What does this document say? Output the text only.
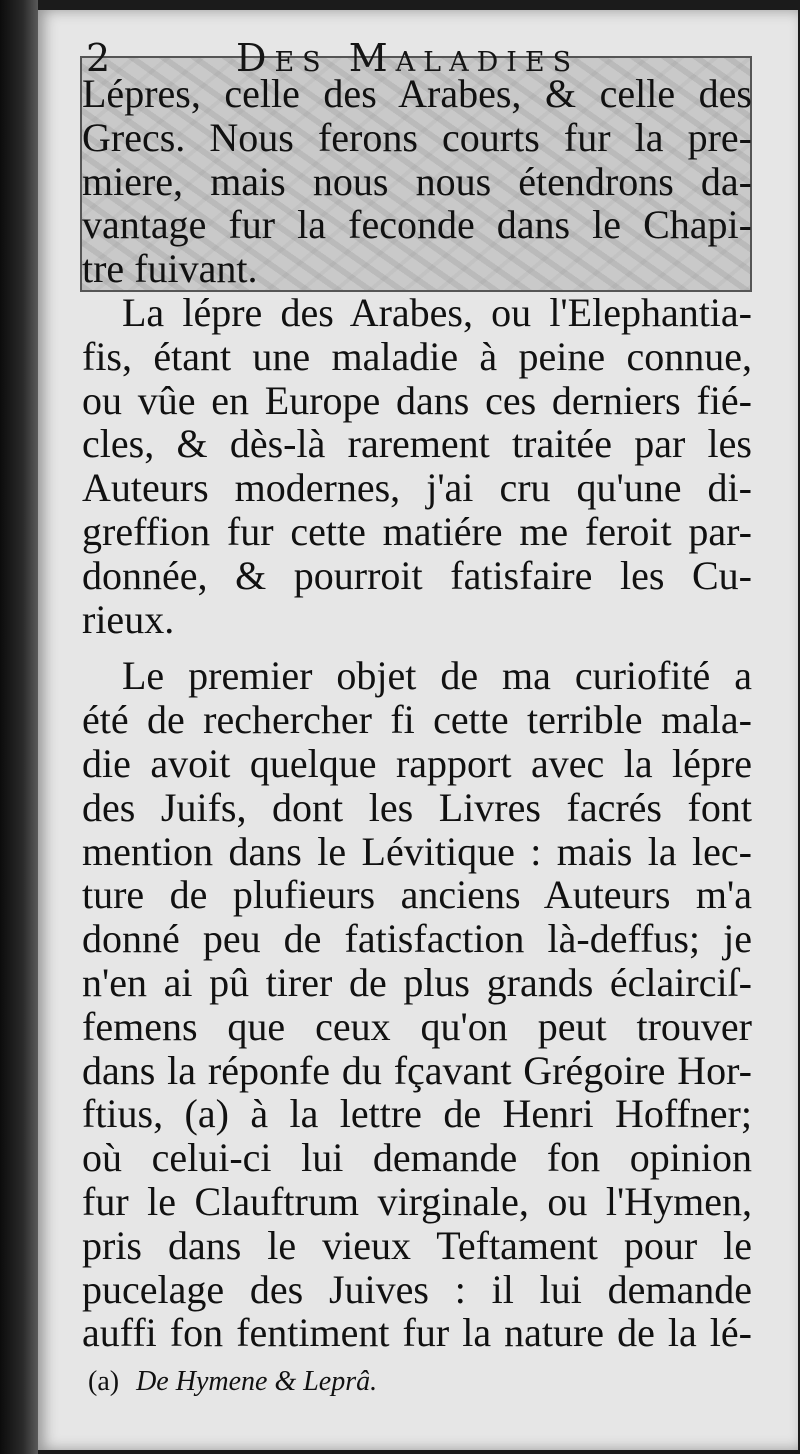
2	Des Maladies
Lépres, celle des Arabes, & celle des
Grecs. Nous ferons courts fur la pre-
miere, mais nous nous étendrons da-
vantage fur la feconde dans le Chapi-
tre fuivant.
La lépre des Arabes, ou l'Elephantia-
fis, étant une maladie à peine connue,
ou vûe en Europe dans ces derniers fié-
cles, & dès-là rarement traitée par les
Auteurs modernes, j'ai cru qu'une di-
greffion fur cette matiére me feroit par-
donnée, & pourroit fatisfaire les Cu-
rieux.
Le premier objet de ma curiofité a
été de rechercher fi cette terrible mala-
die avoit quelque rapport avec la lépre
des Juifs, dont les Livres facrés font
mention dans le Lévitique : mais la lec-
ture de plufieurs anciens Auteurs m'a
donné peu de fatisfaction là-deffus; je
n'en ai pû tirer de plus grands éclairciſ-
femens que ceux qu'on peut trouver
dans la réponfe du fçavant Grégoire Hor-
ftius, (a) à la lettre de Henri Hoffner;
où celui-ci lui demande fon opinion
fur le Clauftrum virginale, ou l'Hymen,
pris dans le vieux Teftament pour le
pucelage des Juives : il lui demande
auffi fon fentiment fur la nature de la lé-
(a) De Hymene & Leprâ.
